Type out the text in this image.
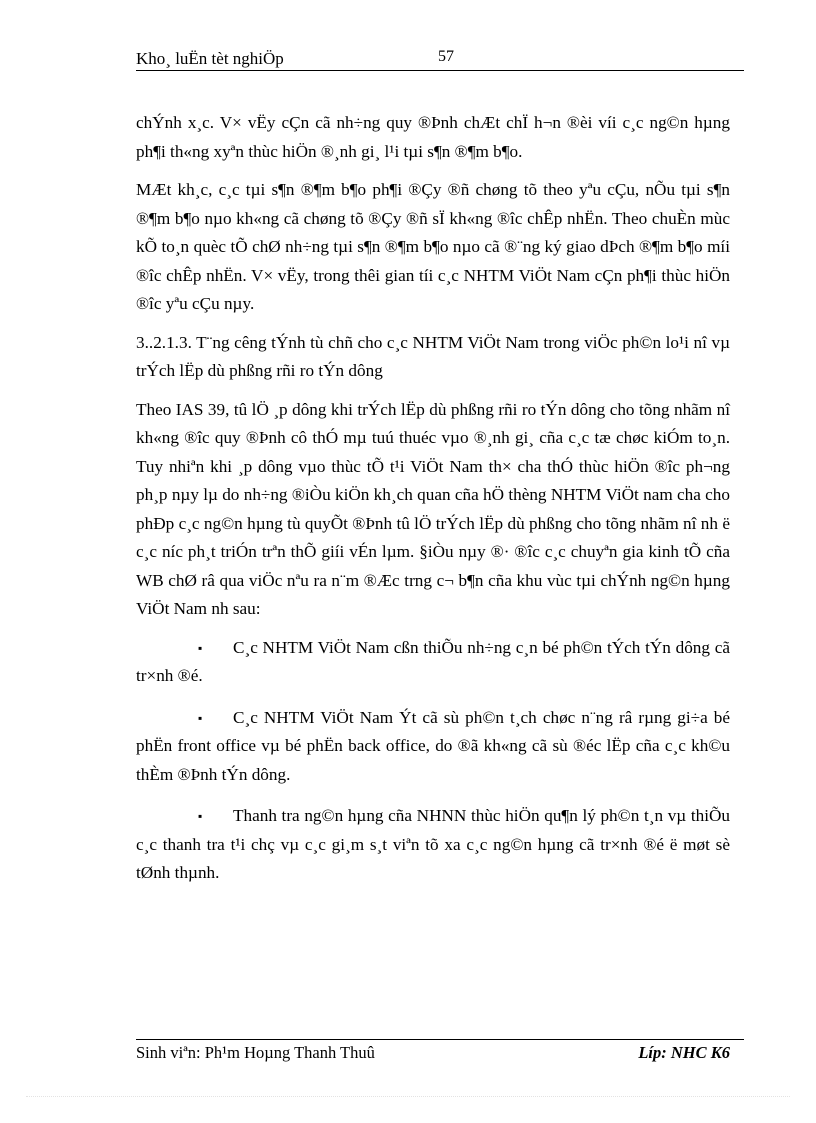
Kho¸ luËn tèt nghiÖp	57

chÝnh x¸c. V× vËy cÇn cã nh÷ng quy ®Þnh chÆt chÏ h¬n ®èi víi c¸c ng©n hµng ph¶i th«ng xyªn thùc hiÖn ®¸nh gi¸ l¹i tµi s¶n ®¶m b¶o.

MÆt kh¸c, c¸c tµi s¶n ®¶m b¶o ph¶i ®Çy ®ñ chøng tõ theo yªu cÇu, nÕu tµi s¶n ®¶m b¶o nµo kh«ng cã chøng tõ ®Çy ®ñ sÏ kh«ng ®îc chÊp nhËn. Theo chuÈn mùc kÕ to¸n quèc tÕ chØ nh÷ng tµi s¶n ®¶m b¶o nµo cã ®¨ng ký giao dÞch ®¶m b¶o míi ®îc chÊp nhËn. V× vËy, trong thêi gian tíi c¸c NHTM ViÖt Nam cÇn ph¶i thùc hiÖn ®îc yªu cÇu nµy.

3..2.1.3. T¨ng cêng tÝnh tù chñ cho c¸c NHTM ViÖt Nam trong viÖc ph©n lo¹i nî vµ trÝch lËp dù phßng rñi ro tÝn dông

Theo IAS 39, tû lÖ ¸p dông khi trÝch lËp dù phßng rñi ro tÝn dông cho tõng nhãm nî kh«ng ®îc quy ®Þnh cô thÓ mµ tuú thuéc vµo ®¸nh gi¸ cña c¸c tæ chøc kiÓm to¸n. Tuy nhiªn khi ¸p dông vµo thùc tÕ t¹i ViÖt Nam th× cha thÓ thùc hiÖn ®îc ph¬ng ph¸p nµy lµ do nh÷ng ®iÒu kiÖn kh¸ch quan cña hÖ thèng NHTM ViÖt nam cha cho phÐp c¸c ng©n hµng tù quyÕt ®Þnh tû lÖ trÝch lËp dù phßng cho tõng nhãm nî nh ë c¸c níc ph¸t triÓn trªn thÕ giíi vÉn lµm. §iÒu nµy ®· ®îc c¸c chuyªn gia kinh tÕ cña WB chØ râ qua viÖc nªu ra n¨m ®Æc trng c¬ b¶n cña khu vùc tµi chÝnh ng©n hµng ViÖt Nam nh sau:

▪ C¸c NHTM ViÖt Nam cßn thiÕu nh÷ng c¸n bé ph©n tÝch tÝn dông cã tr×nh ®é.

▪ C¸c NHTM ViÖt Nam Ýt cã sù ph©n t¸ch chøc n¨ng râ rµng gi÷a bé phËn front office vµ bé phËn back office, do ®ã kh«ng cã sù ®éc lËp cña c¸c kh©u thÈm ®Þnh tÝn dông.

▪ Thanh tra ng©n hµng cña NHNN thùc hiÖn qu¶n lý ph©n t¸n vµ thiÕu c¸c thanh tra t¹i chç vµ c¸c gi¸m s¸t viªn tõ xa c¸c ng©n hµng cã tr×nh ®é ë møt sè tØnh thµnh.

Sinh viªn: Ph¹m Hoµng Thanh Thuû	Líp: NHC K6
